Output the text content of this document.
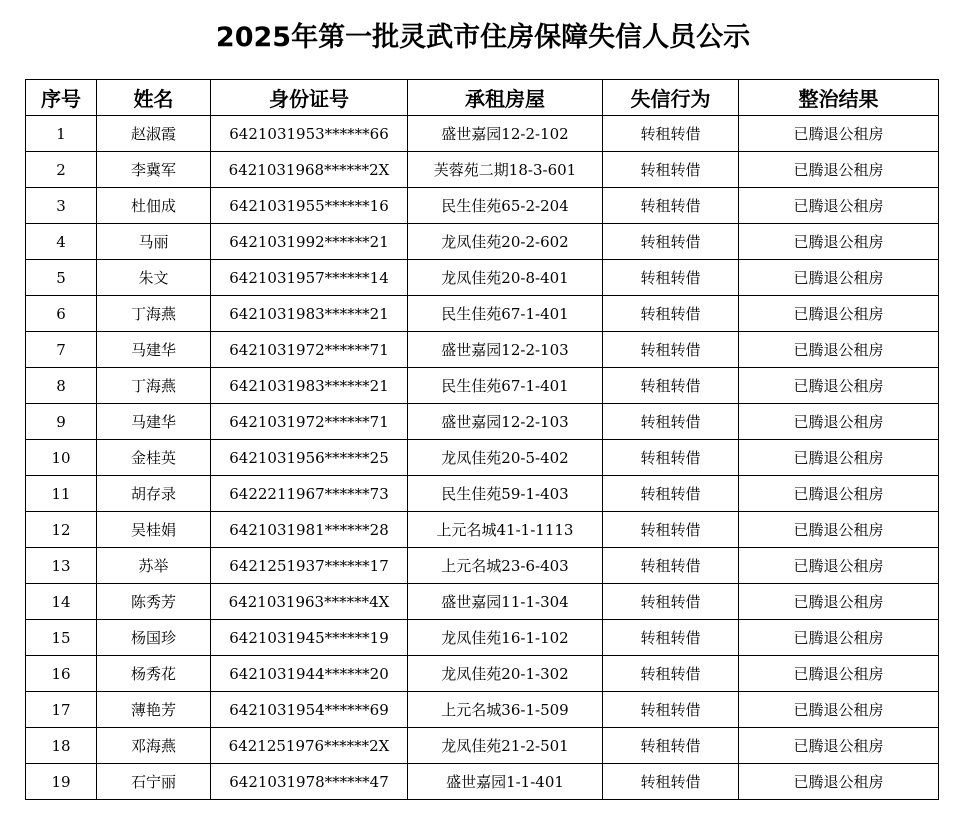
2025年第一批灵武市住房保障失信人员公示
序号	姓名	身份证号	承租房屋	失信行为	整治结果
1	赵淑霞	6421031953******66	盛世嘉园12-2-102	转租转借	已腾退公租房
2	李冀军	6421031968******2X	芙蓉苑二期18-3-601	转租转借	已腾退公租房
3	杜佃成	6421031955******16	民生佳苑65-2-204	转租转借	已腾退公租房
4	马丽	6421031992******21	龙凤佳苑20-2-602	转租转借	已腾退公租房
5	朱文	6421031957******14	龙凤佳苑20-8-401	转租转借	已腾退公租房
6	丁海燕	6421031983******21	民生佳苑67-1-401	转租转借	已腾退公租房
7	马建华	6421031972******71	盛世嘉园12-2-103	转租转借	已腾退公租房
8	丁海燕	6421031983******21	民生佳苑67-1-401	转租转借	已腾退公租房
9	马建华	6421031972******71	盛世嘉园12-2-103	转租转借	已腾退公租房
10	金桂英	6421031956******25	龙凤佳苑20-5-402	转租转借	已腾退公租房
11	胡存录	6422211967******73	民生佳苑59-1-403	转租转借	已腾退公租房
12	吴桂娟	6421031981******28	上元名城41-1-1113	转租转借	已腾退公租房
13	苏举	6421251937******17	上元名城23-6-403	转租转借	已腾退公租房
14	陈秀芳	6421031963******4X	盛世嘉园11-1-304	转租转借	已腾退公租房
15	杨国珍	6421031945******19	龙凤佳苑16-1-102	转租转借	已腾退公租房
16	杨秀花	6421031944******20	龙凤佳苑20-1-302	转租转借	已腾退公租房
17	薄艳芳	6421031954******69	上元名城36-1-509	转租转借	已腾退公租房
18	邓海燕	6421251976******2X	龙凤佳苑21-2-501	转租转借	已腾退公租房
19	石宁丽	6421031978******47	盛世嘉园1-1-401	转租转借	已腾退公租房
